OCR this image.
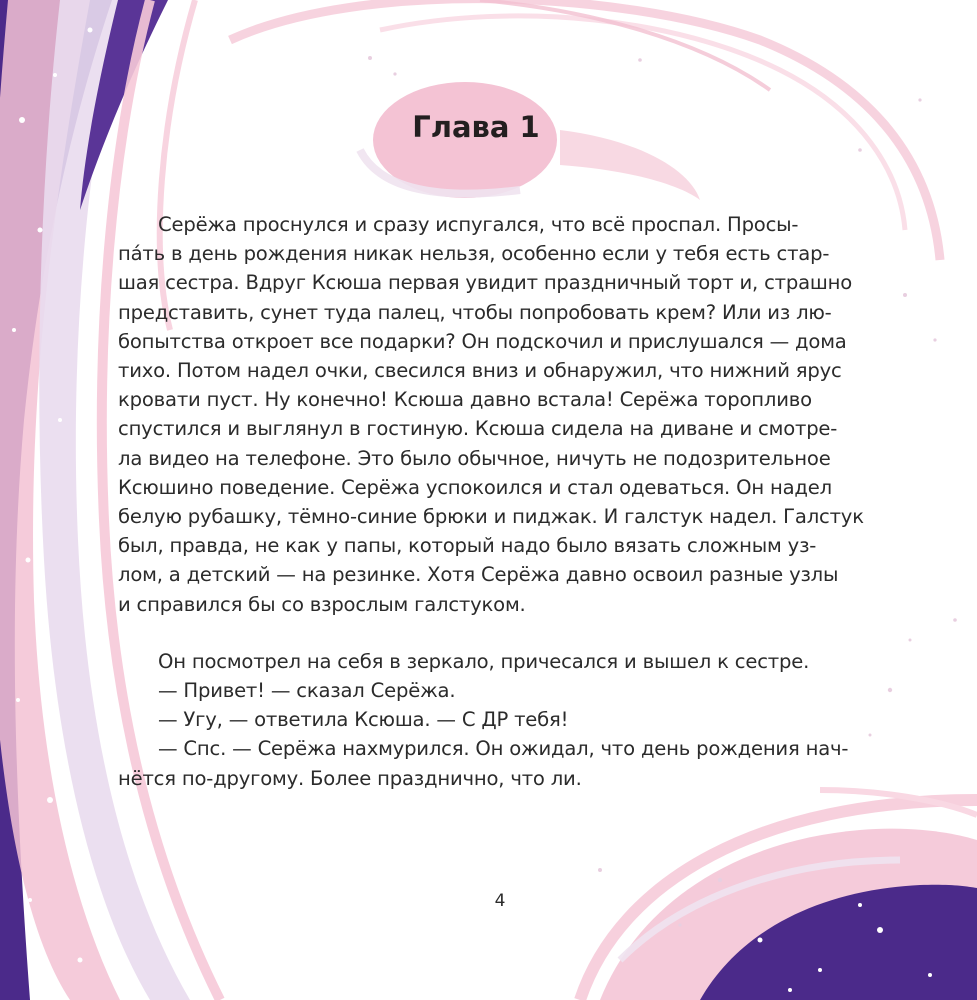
Глава 1
Серёжа проснулся и сразу испугался, что всё проспал. Просы-
па́ть в день рождения никак нельзя, особенно если у тебя есть стар-
шая сестра. Вдруг Ксюша первая увидит праздничный торт и, страшно
представить, сунет туда палец, чтобы попробовать крем? Или из лю-
бопытства откроет все подарки? Он подскочил и прислушался — дома
тихо. Потом надел очки, свесился вниз и обнаружил, что нижний ярус
кровати пуст. Ну конечно! Ксюша давно встала! Серёжа торопливо
спустился и выглянул в гостиную. Ксюша сидела на диване и смотре-
ла видео на телефоне. Это было обычное, ничуть не подозрительное
Ксюшино поведение. Серёжа успокоился и стал одеваться. Он надел
белую рубашку, тёмно-синие брюки и пиджак. И галстук надел. Галстук
был, правда, не как у папы, который надо было вязать сложным уз-
лом, а детский — на резинке. Хотя Серёжа давно освоил разные узлы
и справился бы со взрослым галстуком.
Он посмотрел на себя в зеркало, причесался и вышел к сестре.
— Привет! — сказал Серёжа.
— Угу, — ответила Ксюша. — С ДР тебя!
— Спс. — Серёжа нахмурился. Он ожидал, что день рождения нач-
нётся по-другому. Более празднично, что ли.
4
